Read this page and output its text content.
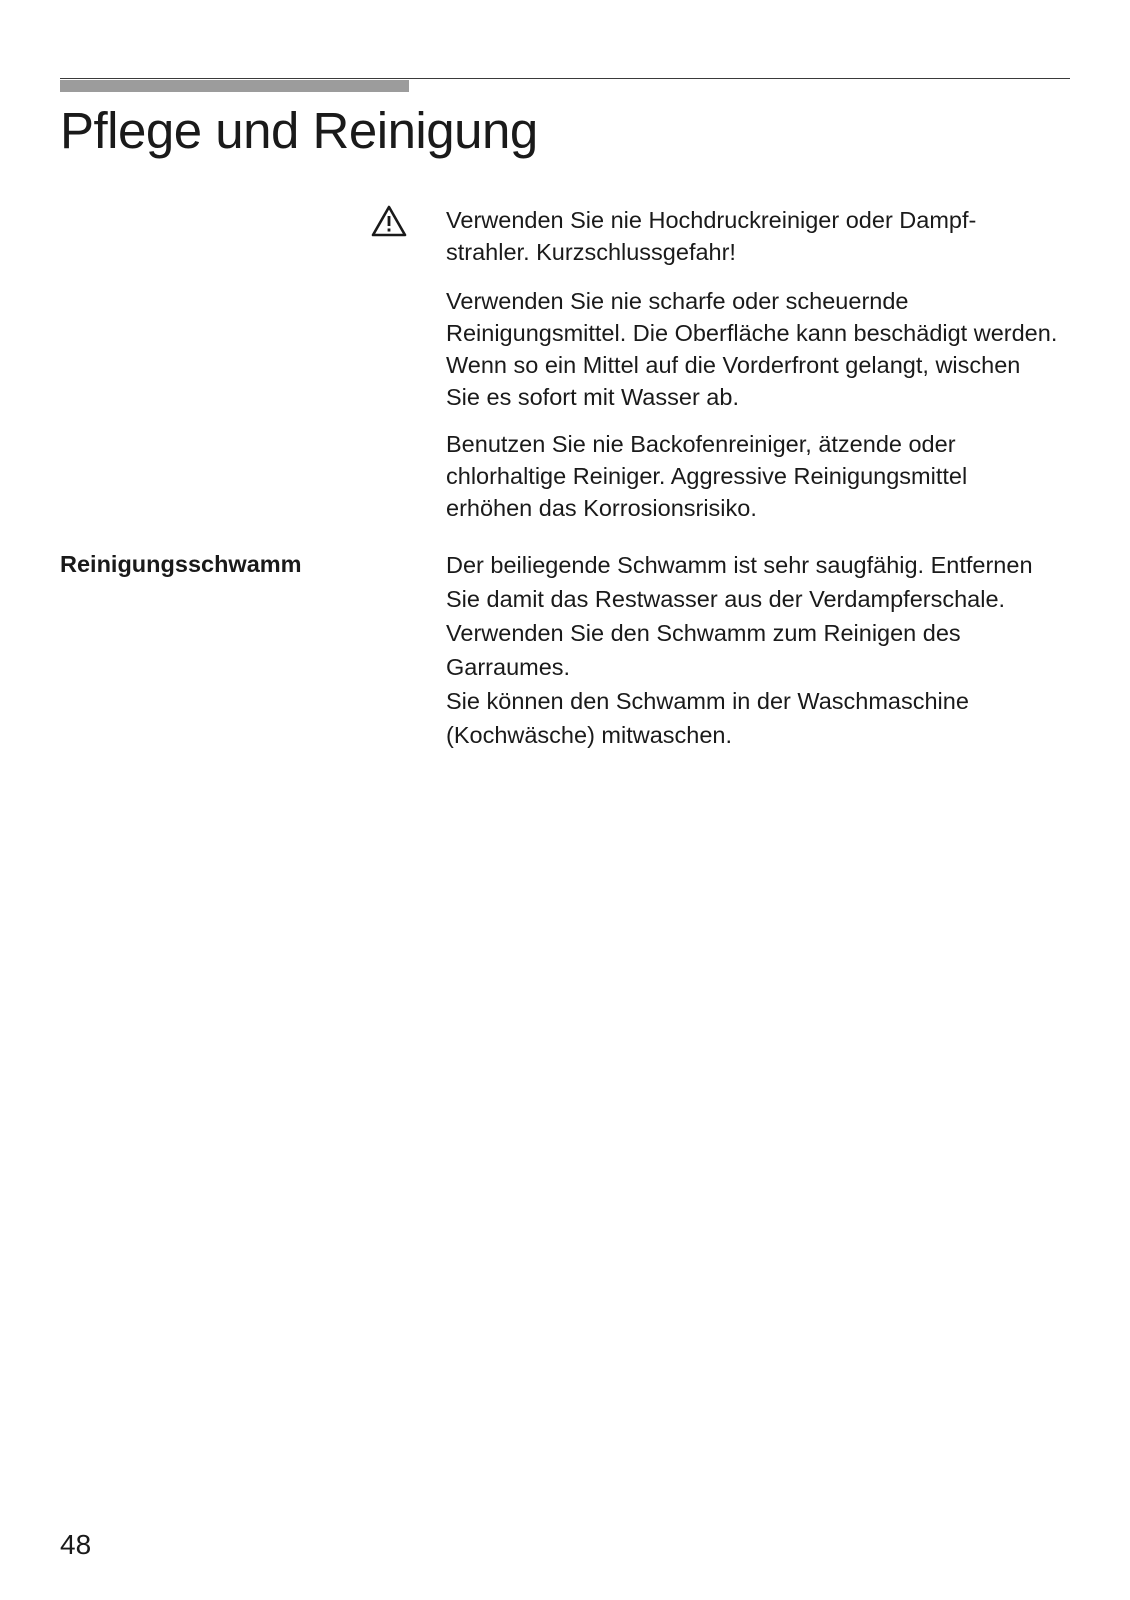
Pflege und Reinigung

Verwenden Sie nie Hochdruckreiniger oder Dampf-strahler. Kurzschlussgefahr!

Verwenden Sie nie scharfe oder scheuernde Reinigungsmittel. Die Oberfläche kann beschädigt werden. Wenn so ein Mittel auf die Vorderfront gelangt, wischen Sie es sofort mit Wasser ab.

Benutzen Sie nie Backofenreiniger, ätzende oder chlorhaltige Reiniger. Aggressive Reinigungsmittel erhöhen das Korrosionsrisiko.

Reinigungsschwamm	Der beiliegende Schwamm ist sehr saugfähig. Entfernen Sie damit das Restwasser aus der Verdampferschale.

Verwenden Sie den Schwamm zum Reinigen des Garraumes.

Sie können den Schwamm in der Waschmaschine (Kochwäsche) mitwaschen.

48
